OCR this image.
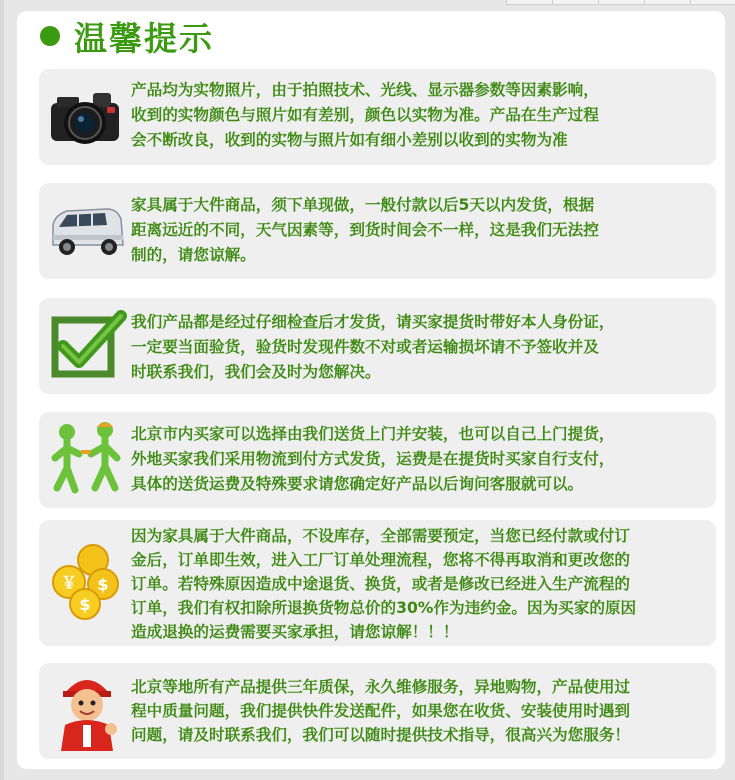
温馨提示
产品均为实物照片，由于拍照技术、光线、显示器参数等因素影响，
收到的实物颜色与照片如有差别，颜色以实物为准。产品在生产过程
会不断改良，收到的实物与照片如有细小差别以收到的实物为准
家具属于大件商品，须下单现做，一般付款以后5天以内发货，根据
距离远近的不同，天气因素等，到货时间会不一样，这是我们无法控
制的，请您谅解。
我们产品都是经过仔细检查后才发货，请买家提货时带好本人身份证，
一定要当面验货，验货时发现件数不对或者运输损坏请不予签收并及
时联系我们，我们会及时为您解决。
北京市内买家可以选择由我们送货上门并安装，也可以自己上门提货，
外地买家我们采用物流到付方式发货，运费是在提货时买家自行支付，
具体的送货运费及特殊要求请您确定好产品以后询问客服就可以。
￥ $
$
因为家具属于大件商品，不设库存，全部需要预定，当您已经付款或付订
金后，订单即生效，进入工厂订单处理流程，您将不得再取消和更改您的
订单。若特殊原因造成中途退货、换货，或者是修改已经进入生产流程的
订单，我们有权扣除所退换货物总价的30%作为违约金。因为买家的原因
造成退换的运费需要买家承担，请您谅解！！！
北京等地所有产品提供三年质保，永久维修服务，异地购物，产品使用过
程中质量问题，我们提供快件发送配件，如果您在收货、安装使用时遇到
问题，请及时联系我们，我们可以随时提供技术指导，很高兴为您服务！
